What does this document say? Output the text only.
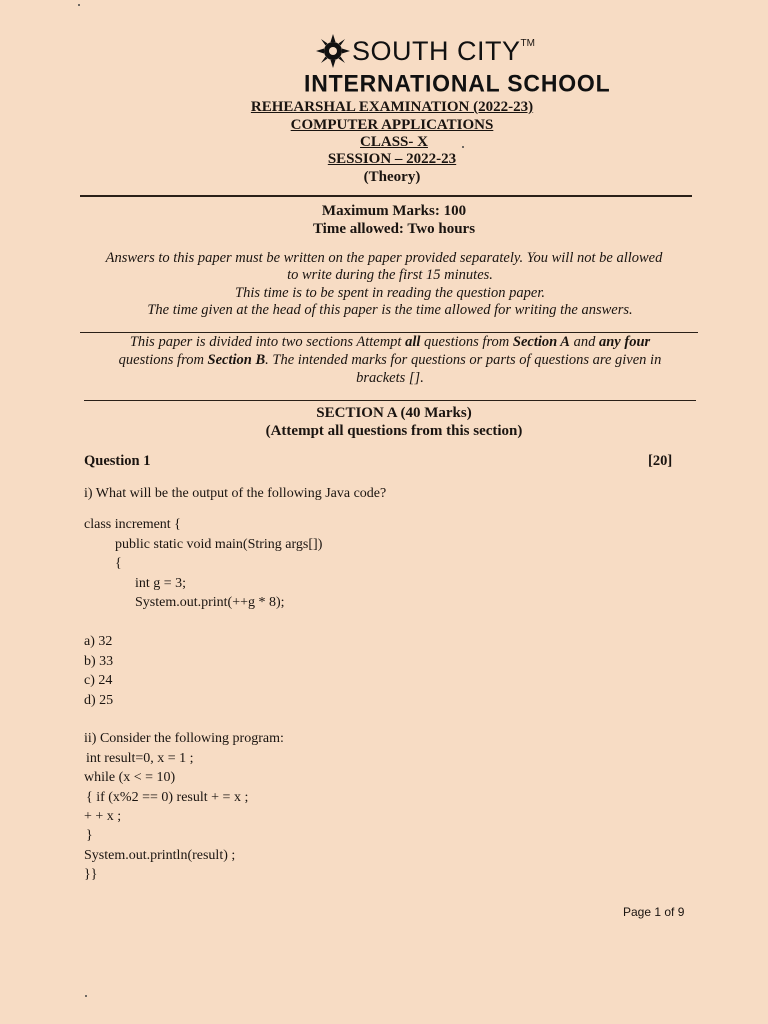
SOUTH CITY TM
INTERNATIONAL SCHOOL
REHEARSHAL EXAMINATION (2022-23)
COMPUTER APPLICATIONS
CLASS- X
SESSION – 2022-23
(Theory)
Maximum Marks: 100
Time allowed: Two hours
Answers to this paper must be written on the paper provided separately. You will not be allowed
to write during the first 15 minutes.
This time is to be spent in reading the question paper.
The time given at the head of this paper is the time allowed for writing the answers.
This paper is divided into two sections Attempt all questions from Section A and any four
questions from Section B. The intended marks for questions or parts of questions are given in
brackets [].
SECTION A (40 Marks)
(Attempt all questions from this section)
Question 1	[20]
i) What will be the output of the following Java code?
class increment {
public static void main(String args[])
{
int g = 3;
System.out.print(++g * 8);
a) 32
b) 33
c) 24
d) 25
ii) Consider the following program:
int result=0, x = 1 ;
while (x < = 10)
{ if (x%2 == 0) result + = x ;
+ + x ;
}
System.out.println(result) ;
}}
Page 1 of 9
